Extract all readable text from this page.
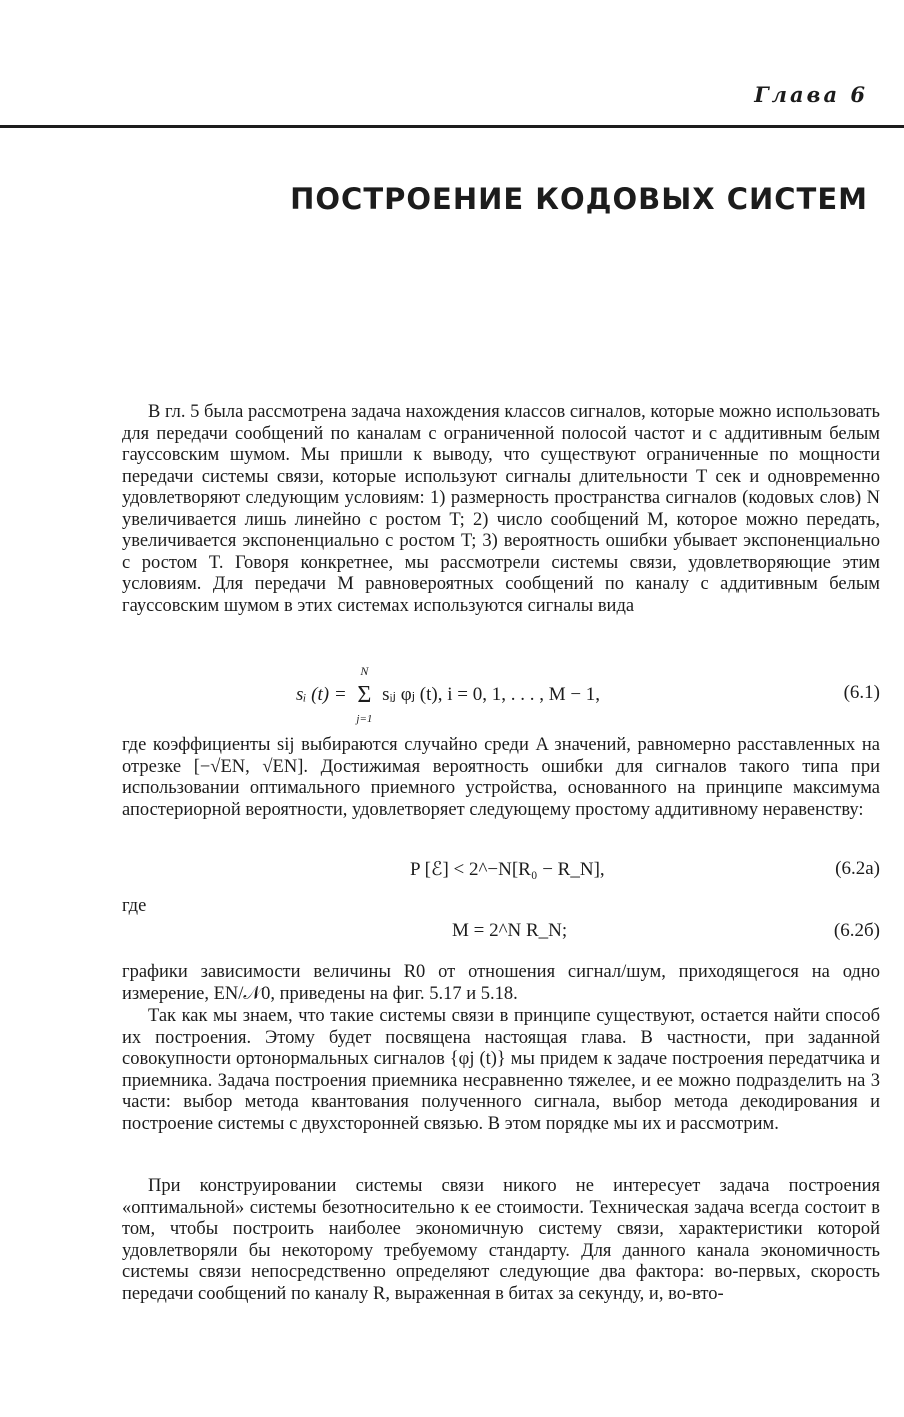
Глава 6
ПОСТРОЕНИЕ КОДОВЫХ СИСТЕМ

В гл. 5 была рассмотрена задача нахождения классов сигналов, которые можно использовать для передачи сообщений по каналам с ограниченной полосой частот и с аддитивным белым гауссовским шумом. Мы пришли к выводу, что существуют ограниченные по мощности передачи системы связи, которые используют сигналы длительности T сек и одновременно удовлетворяют следующим условиям: 1) размерность пространства сигналов (кодовых слов) N увеличивается лишь линейно с ростом T; 2) число сообщений M, которое можно передать, увеличивается экспоненциально с ростом T; 3) вероятность ошибки убывает экспоненциально с ростом T. Говоря конкретнее, мы рассмотрели системы связи, удовлетворяющие этим условиям. Для передачи M равновероятных сообщений по каналу с аддитивным белым гауссовским шумом в этих системах используются сигналы вида

sᵢ (t) =
N
Σ
j=1
sᵢⱼ φⱼ (t), i = 0, 1, . . . , M − 1,	(6.1)

где коэффициенты sij выбираются случайно среди A значений, равномерно расставленных на отрезке [−√EN, √EN]. Достижимая вероятность ошибки для сигналов такого типа при использовании оптимального приемного устройства, основанного на принципе максимума апостериорной вероятности, удовлетворяет следующему простому аддитивному неравенству:

P [ℰ] < 2^−N[R₀ − R_N],	(6.2a)
где
M = 2^N R_N;	(6.2б)

графики зависимости величины R0 от отношения сигнал/шум, приходящегося на одно измерение, EN/𝒩0, приведены на фиг. 5.17 и 5.18.

Так как мы знаем, что такие системы связи в принципе существуют, остается найти способ их построения. Этому будет посвящена настоящая глава. В частности, при заданной совокупности ортонормальных сигналов {φj (t)} мы придем к задаче построения передатчика и приемника. Задача построения приемника несравненно тяжелее, и ее можно подразделить на 3 части: выбор метода квантования полученного сигнала, выбор метода декодирования и построение системы с двухсторонней связью. В этом порядке мы их и рассмотрим.

При конструировании системы связи никого не интересует задача построения «оптимальной» системы безотносительно к ее стоимости. Техническая задача всегда состоит в том, чтобы построить наиболее экономичную систему связи, характеристики которой удовлетворяли бы некоторому требуемому стандарту. Для данного канала экономичность системы связи непосредственно определяют следующие два фактора: во-первых, скорость передачи сообщений по каналу R, выраженная в битах за секунду, и, во-вто-
